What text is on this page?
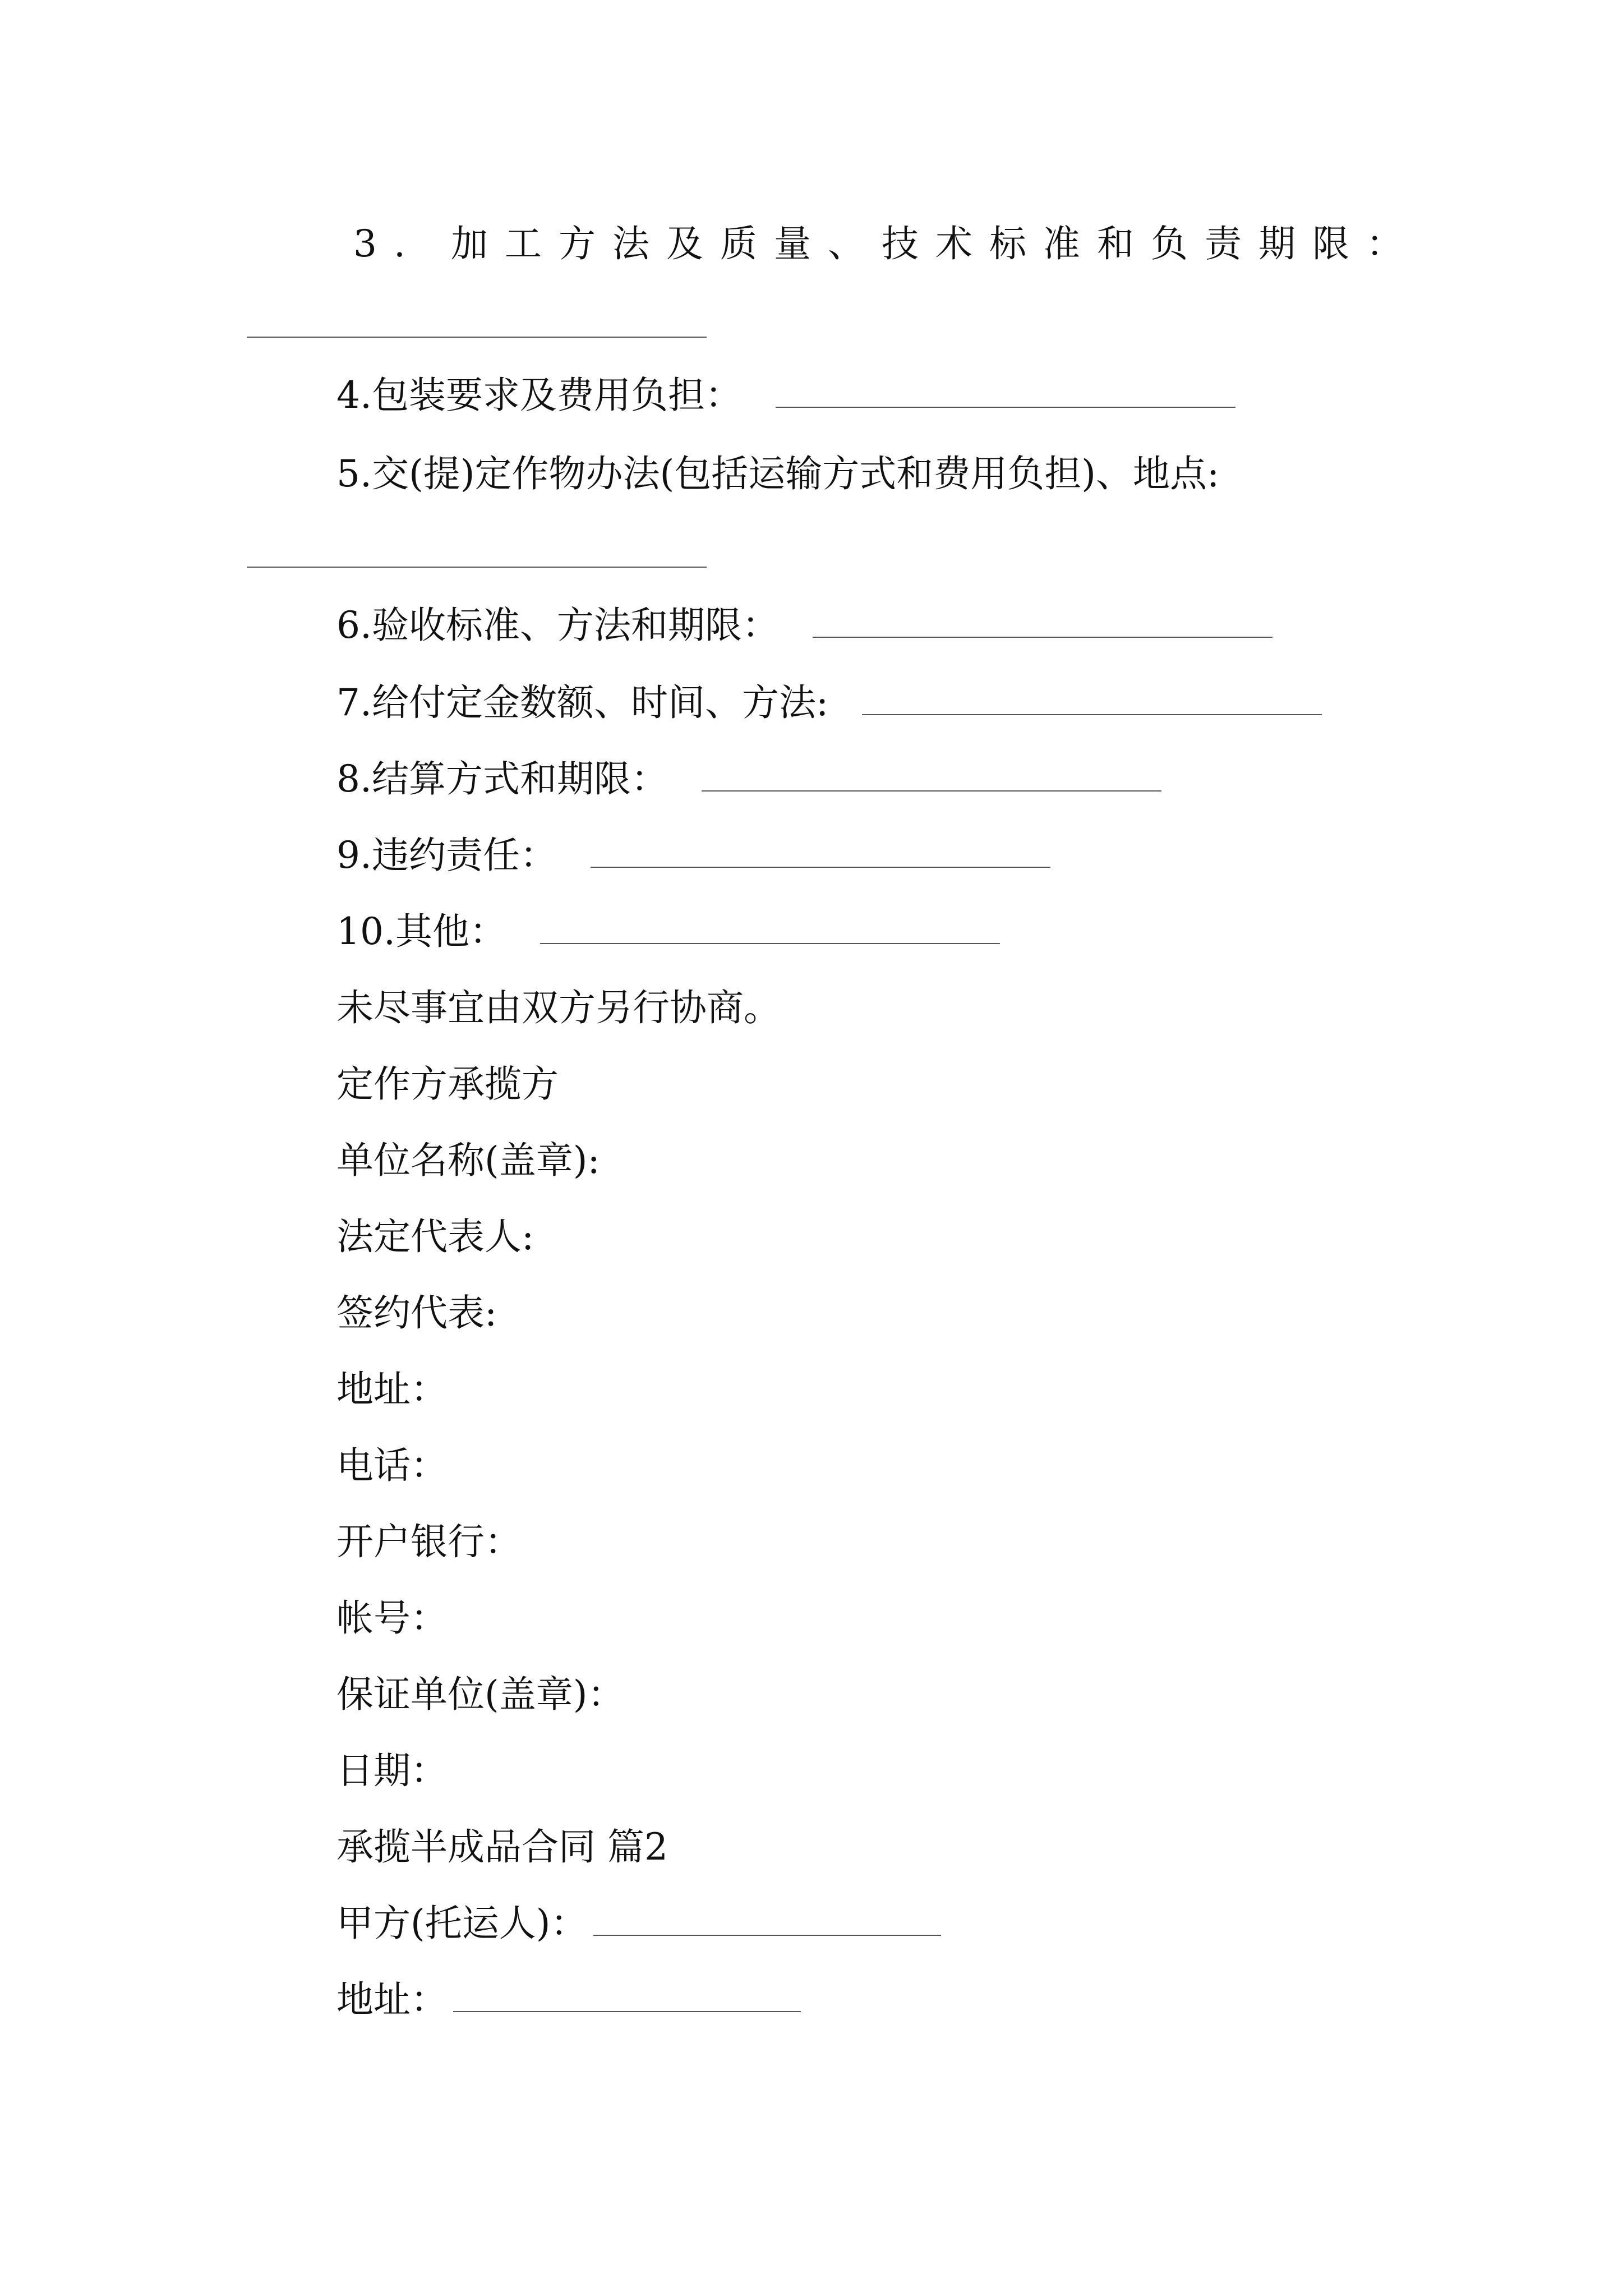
3. 加工方法及质量、技术标准和负责期限：
4.包装要求及费用负担：
5.交(提)定作物办法(包括运输方式和费用负担)、地点:
6.验收标准、方法和期限：
7.给付定金数额、时间、方法:
8.结算方式和期限：
9.违约责任：
10.其他：
未尽事宜由双方另行协商。
定作方承揽方
单位名称(盖章):
法定代表人:
签约代表:
地址：
电话：
开户银行：
帐号：
保证单位(盖章)：
日期：
承揽半成品合同 篇2
甲方(托运人)：
地址：
